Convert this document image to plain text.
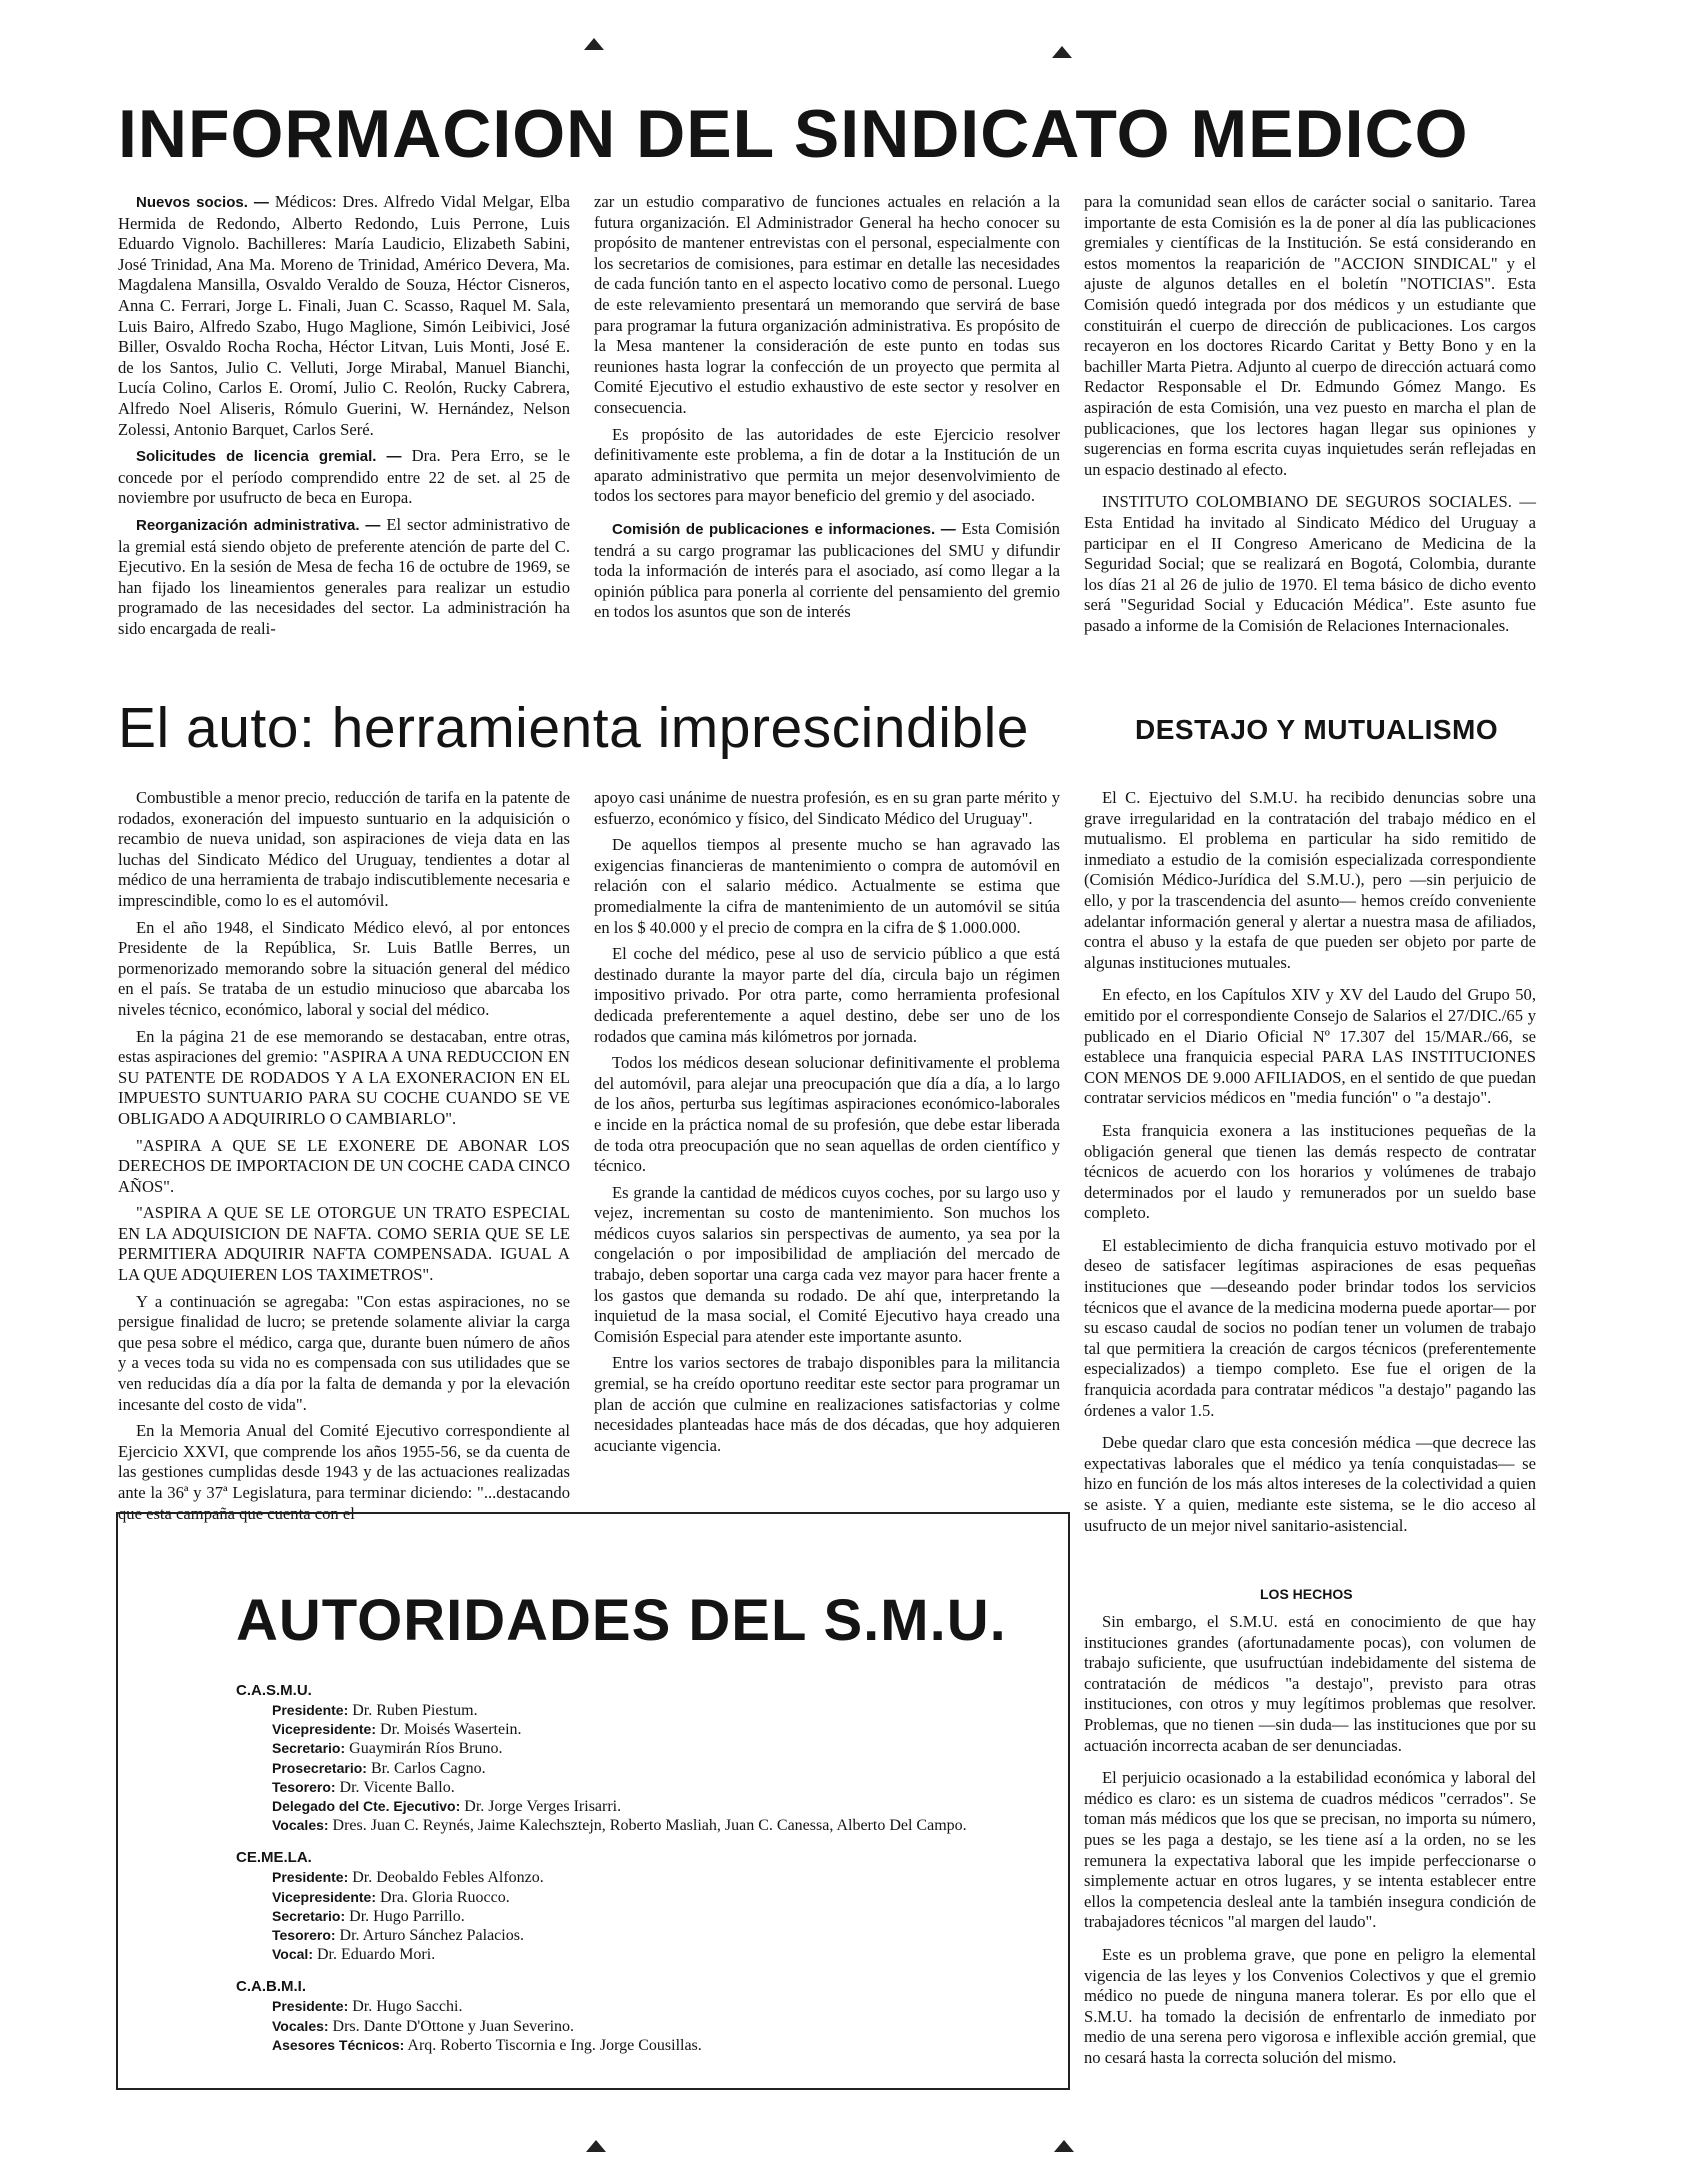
INFORMACION DEL SINDICATO MEDICO

Nuevos socios. — Médicos: Dres. Alfredo Vidal Melgar, Elba Hermida de Redondo, Alberto Redondo, Luis Perrone, Luis Eduardo Vignolo. Bachilleres: María Laudicio, Elizabeth Sabini, José Trinidad, Ana Ma. Moreno de Trinidad, Américo Devera, Ma. Magdalena Mansilla, Osvaldo Veraldo de Souza, Héctor Cisneros, Anna C. Ferrari, Jorge L. Finali, Juan C. Scasso, Raquel M. Sala, Luis Bairo, Alfredo Szabo, Hugo Maglione, Simón Leibivici, José Biller, Osvaldo Rocha Rocha, Héctor Litvan, Luis Monti, José E. de los Santos, Julio C. Velluti, Jorge Mirabal, Manuel Bianchi, Lucía Colino, Carlos E. Oromí, Julio C. Reolón, Rucky Cabrera, Alfredo Noel Aliseris, Rómulo Guerini, W. Hernández, Nelson Zolessi, Antonio Barquet, Carlos Seré.

Solicitudes de licencia gremial. — Dra. Pera Erro, se le concede por el período comprendido entre 22 de set. al 25 de noviembre por usufructo de beca en Europa.

Reorganización administrativa. — El sector administrativo de la gremial está siendo objeto de preferente atención de parte del C. Ejecutivo. En la sesión de Mesa de fecha 16 de octubre de 1969, se han fijado los lineamientos generales para realizar un estudio programado de las necesidades del sector. La administración ha sido encargada de reali-

zar un estudio comparativo de funciones actuales en relación a la futura organización. El Administrador General ha hecho conocer su propósito de mantener entrevistas con el personal, especialmente con los secretarios de comisiones, para estimar en detalle las necesidades de cada función tanto en el aspecto locativo como de personal. Luego de este relevamiento presentará un memorando que servirá de base para programar la futura organización administrativa. Es propósito de la Mesa mantener la consideración de este punto en todas sus reuniones hasta lograr la confección de un proyecto que permita al Comité Ejecutivo el estudio exhaustivo de este sector y resolver en consecuencia.

Es propósito de las autoridades de este Ejercicio resolver definitivamente este problema, a fin de dotar a la Institución de un aparato administrativo que permita un mejor desenvolvimiento de todos los sectores para mayor beneficio del gremio y del asociado.

Comisión de publicaciones e informaciones. — Esta Comisión tendrá a su cargo programar las publicaciones del SMU y difundir toda la información de interés para el asociado, así como llegar a la opinión pública para ponerla al corriente del pensamiento del gremio en todos los asuntos que son de interés

para la comunidad sean ellos de carácter social o sanitario. Tarea importante de esta Comisión es la de poner al día las publicaciones gremiales y científicas de la Institución. Se está considerando en estos momentos la reaparición de "ACCION SINDICAL" y el ajuste de algunos detalles en el boletín "NOTICIAS". Esta Comisión quedó integrada por dos médicos y un estudiante que constituirán el cuerpo de dirección de publicaciones. Los cargos recayeron en los doctores Ricardo Caritat y Betty Bono y en la bachiller Marta Pietra. Adjunto al cuerpo de dirección actuará como Redactor Responsable el Dr. Edmundo Gómez Mango. Es aspiración de esta Comisión, una vez puesto en marcha el plan de publicaciones, que los lectores hagan llegar sus opiniones y sugerencias en forma escrita cuyas inquietudes serán reflejadas en un espacio destinado al efecto.

INSTITUTO COLOMBIANO DE SEGUROS SOCIALES. — Esta Entidad ha invitado al Sindicato Médico del Uruguay a participar en el II Congreso Americano de Medicina de la Seguridad Social; que se realizará en Bogotá, Colombia, durante los días 21 al 26 de julio de 1970. El tema básico de dicho evento será "Seguridad Social y Educación Médica". Este asunto fue pasado a informe de la Comisión de Relaciones Internacionales.

El auto: herramienta imprescindible

Combustible a menor precio, reducción de tarifa en la patente de rodados, exoneración del impuesto suntuario en la adquisición o recambio de nueva unidad, son aspiraciones de vieja data en las luchas del Sindicato Médico del Uruguay, tendientes a dotar al médico de una herramienta de trabajo indiscutiblemente necesaria e imprescindible, como lo es el automóvil.

En el año 1948, el Sindicato Médico elevó, al por entonces Presidente de la República, Sr. Luis Batlle Berres, un pormenorizado memorando sobre la situación general del médico en el país. Se trataba de un estudio minucioso que abarcaba los niveles técnico, económico, laboral y social del médico.

En la página 21 de ese memorando se destacaban, entre otras, estas aspiraciones del gremio: "ASPIRA A UNA REDUCCION EN SU PATENTE DE RODADOS Y A LA EXONERACION EN EL IMPUESTO SUNTUARIO PARA SU COCHE CUANDO SE VE OBLIGADO A ADQUIRIRLO O CAMBIARLO".

"ASPIRA A QUE SE LE EXONERE DE ABONAR LOS DERECHOS DE IMPORTACION DE UN COCHE CADA CINCO AÑOS".

"ASPIRA A QUE SE LE OTORGUE UN TRATO ESPECIAL EN LA ADQUISICION DE NAFTA. COMO SERIA QUE SE LE PERMITIERA ADQUIRIR NAFTA COMPENSADA. IGUAL A LA QUE ADQUIEREN LOS TAXIMETROS".

Y a continuación se agregaba: "Con estas aspiraciones, no se persigue finalidad de lucro; se pretende solamente aliviar la carga que pesa sobre el médico, carga que, durante buen número de años y a veces toda su vida no es compensada con sus utilidades que se ven reducidas día a día por la falta de demanda y por la elevación incesante del costo de vida".

En la Memoria Anual del Comité Ejecutivo correspondiente al Ejercicio XXVI, que comprende los años 1955-56, se da cuenta de las gestiones cumplidas desde 1943 y de las actuaciones realizadas ante la 36ª y 37ª Legislatura, para terminar diciendo: "...destacando que esta campaña que cuenta con el

apoyo casi unánime de nuestra profesión, es en su gran parte mérito y esfuerzo, económico y físico, del Sindicato Médico del Uruguay".

De aquellos tiempos al presente mucho se han agravado las exigencias financieras de mantenimiento o compra de automóvil en relación con el salario médico. Actualmente se estima que promedialmente la cifra de mantenimiento de un automóvil se sitúa en los $ 40.000 y el precio de compra en la cifra de $ 1.000.000.

El coche del médico, pese al uso de servicio público a que está destinado durante la mayor parte del día, circula bajo un régimen impositivo privado. Por otra parte, como herramienta profesional dedicada preferentemente a aquel destino, debe ser uno de los rodados que camina más kilómetros por jornada.

Todos los médicos desean solucionar definitivamente el problema del automóvil, para alejar una preocupación que día a día, a lo largo de los años, perturba sus legítimas aspiraciones económico-laborales e incide en la práctica nomal de su profesión, que debe estar liberada de toda otra preocupación que no sean aquellas de orden científico y técnico.

Es grande la cantidad de médicos cuyos coches, por su largo uso y vejez, incrementan su costo de mantenimiento. Son muchos los médicos cuyos salarios sin perspectivas de aumento, ya sea por la congelación o por imposibilidad de ampliación del mercado de trabajo, deben soportar una carga cada vez mayor para hacer frente a los gastos que demanda su rodado. De ahí que, interpretando la inquietud de la masa social, el Comité Ejecutivo haya creado una Comisión Especial para atender este importante asunto.

Entre los varios sectores de trabajo disponibles para la militancia gremial, se ha creído oportuno reeditar este sector para programar un plan de acción que culmine en realizaciones satisfactorias y colme necesidades planteadas hace más de dos décadas, que hoy adquieren acuciante vigencia.

DESTAJO Y MUTUALISMO

El C. Ejectuivo del S.M.U. ha recibido denuncias sobre una grave irregularidad en la contratación del trabajo médico en el mutualismo. El problema en particular ha sido remitido de inmediato a estudio de la comisión especializada correspondiente (Comisión Médico-Jurídica del S.M.U.), pero —sin perjuicio de ello, y por la trascendencia del asunto— hemos creído conveniente adelantar información general y alertar a nuestra masa de afiliados, contra el abuso y la estafa de que pueden ser objeto por parte de algunas instituciones mutuales.

En efecto, en los Capítulos XIV y XV del Laudo del Grupo 50, emitido por el correspondiente Consejo de Salarios el 27/DIC./65 y publicado en el Diario Oficial Nº 17.307 del 15/MAR./66, se establece una franquicia especial PARA LAS INSTITUCIONES CON MENOS DE 9.000 AFILIADOS, en el sentido de que puedan contratar servicios médicos en "media función" o "a destajo".

Esta franquicia exonera a las instituciones pequeñas de la obligación general que tienen las demás respecto de contratar técnicos de acuerdo con los horarios y volúmenes de trabajo determinados por el laudo y remunerados por un sueldo base completo.

El establecimiento de dicha franquicia estuvo motivado por el deseo de satisfacer legítimas aspiraciones de esas pequeñas instituciones que —deseando poder brindar todos los servicios técnicos que el avance de la medicina moderna puede aportar— por su escaso caudal de socios no podían tener un volumen de trabajo tal que permitiera la creación de cargos técnicos (preferentemente especializados) a tiempo completo. Ese fue el origen de la franquicia acordada para contratar médicos "a destajo" pagando las órdenes a valor 1.5.

Debe quedar claro que esta concesión médica —que decrece las expectativas laborales que el médico ya tenía conquistadas— se hizo en función de los más altos intereses de la colectividad a quien se asiste. Y a quien, mediante este sistema, se le dio acceso al usufructo de un mejor nivel sanitario-asistencial.

LOS HECHOS

Sin embargo, el S.M.U. está en conocimiento de que hay instituciones grandes (afortunadamente pocas), con volumen de trabajo suficiente, que usufructúan indebidamente del sistema de contratación de médicos "a destajo", previsto para otras instituciones, con otros y muy legítimos problemas que resolver. Problemas, que no tienen —sin duda— las instituciones que por su actuación incorrecta acaban de ser denunciadas.

El perjuicio ocasionado a la estabilidad económica y laboral del médico es claro: es un sistema de cuadros médicos "cerrados". Se toman más médicos que los que se precisan, no importa su número, pues se les paga a destajo, se les tiene así a la orden, no se les remunera la expectativa laboral que les impide perfeccionarse o simplemente actuar en otros lugares, y se intenta establecer entre ellos la competencia desleal ante la también insegura condición de trabajadores técnicos "al margen del laudo".

Este es un problema grave, que pone en peligro la elemental vigencia de las leyes y los Convenios Colectivos y que el gremio médico no puede de ninguna manera tolerar. Es por ello que el S.M.U. ha tomado la decisión de enfrentarlo de inmediato por medio de una serena pero vigorosa e inflexible acción gremial, que no cesará hasta la correcta solución del mismo.

AUTORIDADES DEL S.M.U.
C.A.S.M.U.
Presidente: Dr. Ruben Piestum.
Vicepresidente: Dr. Moisés Wasertein.
Secretario: Guaymirán Ríos Bruno.
Prosecretario: Br. Carlos Cagno.
Tesorero: Dr. Vicente Ballo.
Delegado del Cte. Ejecutivo: Dr. Jorge Verges Irisarri.
Vocales: Dres. Juan C. Reynés, Jaime Kalechsztejn, Roberto Masliah, Juan C. Canessa, Alberto Del Campo.
CE.ME.LA.
Presidente: Dr. Deobaldo Febles Alfonzo.
Vicepresidente: Dra. Gloria Ruocco.
Secretario: Dr. Hugo Parrillo.
Tesorero: Dr. Arturo Sánchez Palacios.
Vocal: Dr. Eduardo Mori.
C.A.B.M.I.
Presidente: Dr. Hugo Sacchi.
Vocales: Drs. Dante D'Ottone y Juan Severino.
Asesores Técnicos: Arq. Roberto Tiscornia e Ing. Jorge Cousillas.
